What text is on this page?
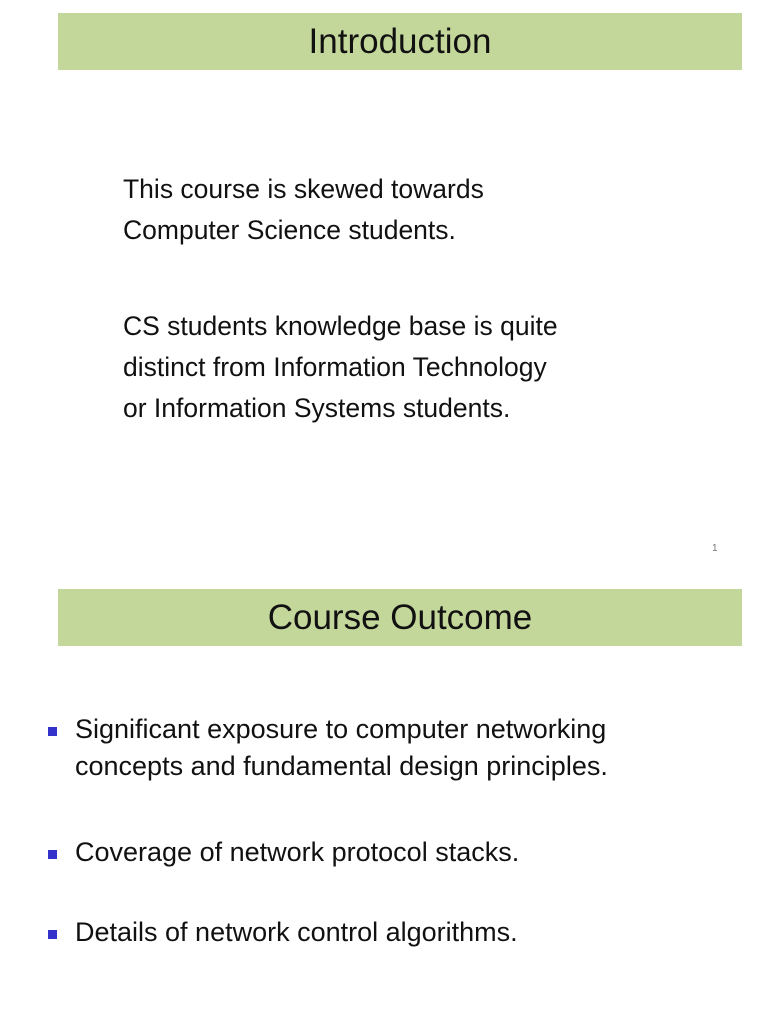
Introduction
This course is skewed towards
Computer Science students.
CS students knowledge base is quite
distinct from Information Technology
or Information Systems students.
1
Course Outcome
Significant exposure to computer networking
concepts and fundamental design principles.
Coverage of network protocol stacks.
Details of network control algorithms.
